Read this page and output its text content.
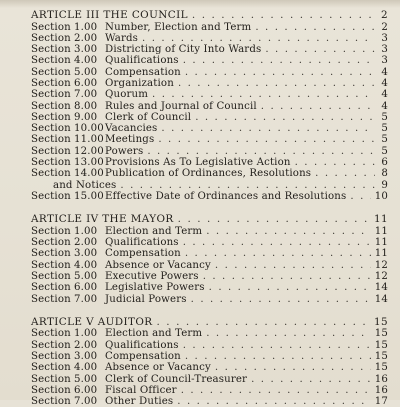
ARTICLE III THE COUNCIL . . .	2
Section 1.00 Number, Election and Term . . .	2
Section 2.00 Wards . . .	3
Section 3.00 Districting of City Into Wards . . .	3
Section 4.00 Qualifications . . .	3
Section 5.00 Compensation . . .	4
Section 6.00 Organization . . .	4
Section 7.00 Quorum . . .	4
Section 8.00 Rules and Journal of Council . . .	4
Section 9.00 Clerk of Council . . .	5
Section 10.00 Vacancies . . .	5
Section 11.00 Meetings . . .	5
Section 12.00 Powers . . .	5
Section 13.00 Provisions As To Legislative Action . . .	6
Section 14.00 Publication of Ordinances, Resolutions . . .	8
and Notices . . .	9
Section 15.00 Effective Date of Ordinances and Resolutions . . .	10
ARTICLE IV THE MAYOR . . .	11
Section 1.00 Election and Term . . .	11
Section 2.00 Qualifications . . .	11
Section 3.00 Compensation . . .	11
Section 4.00 Absence or Vacancy . . .	12
Section 5.00 Executive Powers . . .	12
Section 6.00 Legislative Powers . . .	14
Section 7.00 Judicial Powers . . .	14
ARTICLE V AUDITOR . . .	15
Section 1.00 Election and Term . . .	15
Section 2.00 Qualifications . . .	15
Section 3.00 Compensation . . .	15
Section 4.00 Absence or Vacancy . . .	15
Section 5.00 Clerk of Council-Treasurer . . .	16
Section 6.00 Fiscal Officer . . .	16
Section 7.00 Other Duties . . .	17
